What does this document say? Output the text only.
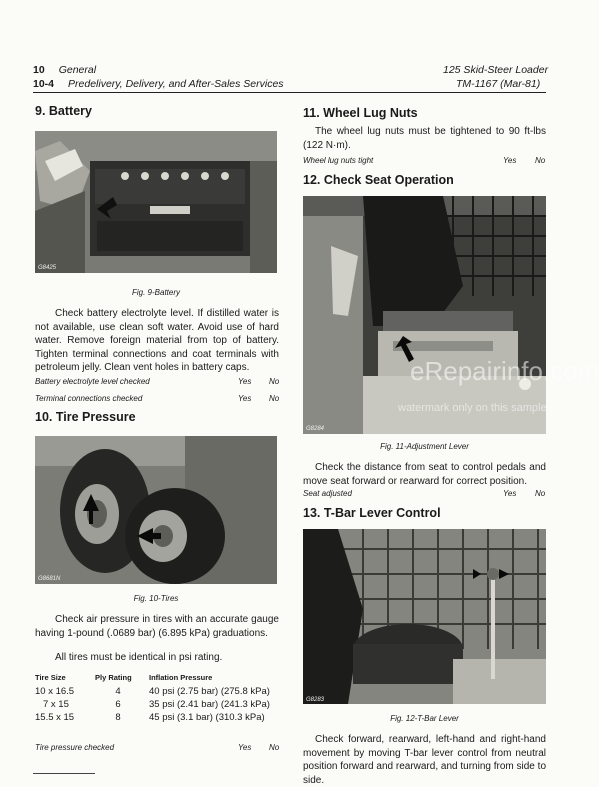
10 General
10-4 Predelivery, Delivery, and After-Sales Services
125 Skid-Steer Loader
TM-1167 (Mar-81)
9. Battery
G8425
Fig. 9-Battery
Check battery electrolyte level. If distilled water is not available, use clean soft water. Avoid use of hard water. Remove foreign material from top of battery. Tighten terminal connections and coat terminals with petroleum jelly. Clean vent holes in battery caps.
Battery electrolyte level checked	Yes No
Terminal connections checked	Yes No
10. Tire Pressure
G8681N
Fig. 10-Tires
Check air pressure in tires with an accurate gauge having 1-pound (.0689 bar) (6.895 kPa) graduations.
All tires must be identical in psi rating.
Tire Size	Ply Rating	Inflation Pressure
10 x 16.5	4	40 psi (2.75 bar) (275.8 kPa)
7 x 15	6	35 psi (2.41 bar) (241.3 kPa)
15.5 x 15	8	45 psi (3.1 bar) (310.3 kPa)
Tire pressure checked	Yes No
11. Wheel Lug Nuts
The wheel lug nuts must be tightened to 90 ft-lbs (122 N·m).
Wheel lug nuts tight	Yes No
12. Check Seat Operation
G8284
eRepairinfo.com
watermark only on this sample
Fig. 11-Adjustment Lever
Check the distance from seat to control pedals and move seat forward or rearward for correct position.
Seat adjusted	Yes No
13. T-Bar Lever Control
G8283
Fig. 12-T-Bar Lever
Check forward, rearward, left-hand and right-hand movement by moving T-bar lever control from neutral position forward and rearward, and turning from side to side.
